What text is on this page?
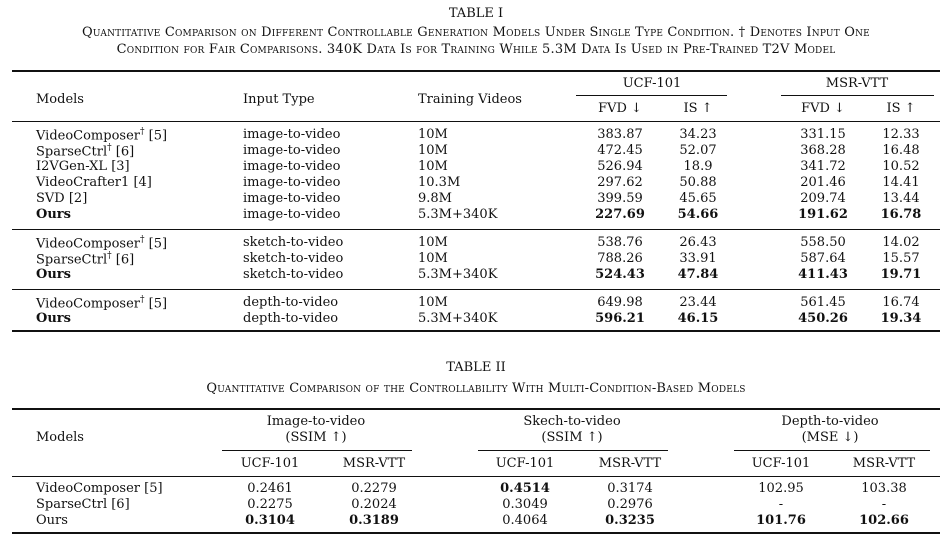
TABLE I
Quantitative Comparison on Different Controllable Generation Models Under Single Type Condition. † Denotes Input One
Condition for Fair Comparisons. 340K Data Is for Training While 5.3M Data Is Used in Pre-Trained T2V Model
Models	Input Type	Training Videos
UCF-101	MSR-VTT
FVD ↓	IS ↑	FVD ↓	IS ↑
VideoComposer† [5]	image-to-video	10M	383.87	34.23	331.15	12.33
SparseCtrl† [6]	image-to-video	10M	472.45	52.07	368.28	16.48
I2VGen-XL [3]	image-to-video	10M	526.94	18.9	341.72	10.52
VideoCrafter1 [4]	image-to-video	10.3M	297.62	50.88	201.46	14.41
SVD [2]	image-to-video	9.8M	399.59	45.65	209.74	13.44
Ours	image-to-video	5.3M+340K	227.69	54.66	191.62	16.78
VideoComposer† [5]	sketch-to-video	10M	538.76	26.43	558.50	14.02
SparseCtrl† [6]	sketch-to-video	10M	788.26	33.91	587.64	15.57
Ours	sketch-to-video	5.3M+340K	524.43	47.84	411.43	19.71
VideoComposer† [5]	depth-to-video	10M	649.98	23.44	561.45	16.74
Ours	depth-to-video	5.3M+340K	596.21	46.15	450.26	19.34
TABLE II
Quantitative Comparison of the Controllability With Multi-Condition-Based Models
Models
Image-to-video
(SSIM ↑)
Skech-to-video
(SSIM ↑)
Depth-to-video
(MSE ↓)
UCF-101	MSR-VTT	UCF-101	MSR-VTT	UCF-101	MSR-VTT
VideoComposer [5]	0.2461	0.2279	0.4514	0.3174	102.95	103.38
SparseCtrl [6]	0.2275	0.2024	0.3049	0.2976	-	-
Ours	0.3104	0.3189	0.4064	0.3235	101.76	102.66
